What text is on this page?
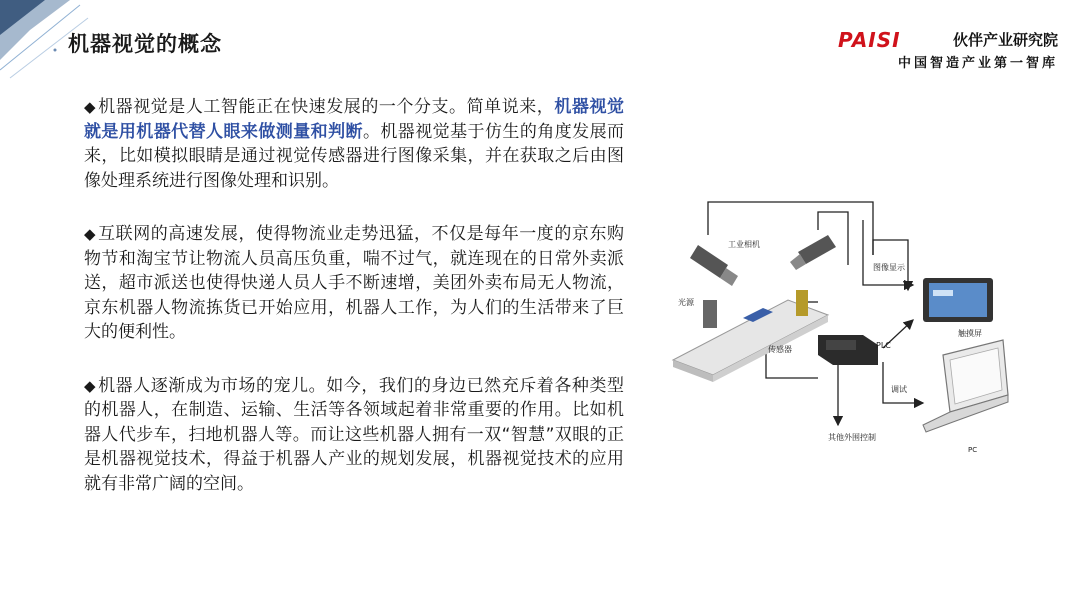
机器视觉的概念	PAISI	伙伴产业研究院
中国智造产业第一智库

◆ 机器视觉是人工智能正在快速发展的一个分支。简单说来，机器视觉就是用机器代替人眼来做测量和判断。机器视觉基于仿生的角度发展而来，比如模拟眼睛是通过视觉传感器进行图像采集，并在获取之后由图像处理系统进行图像处理和识别。

◆ 互联网的高速发展，使得物流业走势迅猛，不仅是每年一度的京东购物节和淘宝节让物流人员高压负重，喘不过气，就连现在的日常外卖派送，超市派送也使得快递人员人手不断速增，美团外卖布局无人物流，京东机器人物流拣货已开始应用，机器人工作，为人们的生活带来了巨大的便利性。

◆ 机器人逐渐成为市场的宠儿。如今，我们的身边已然充斥着各种类型的机器人，在制造、运输、生活等各领域起着非常重要的作用。比如机器人代步车，扫地机器人等。而让这些机器人拥有一双“智慧”双眼的正是机器视觉技术，得益于机器人产业的规划发展，机器视觉技术的应用就有非常广阔的空间。

工业相机
光源
传感器	PLC
图像显示
触摸屏
调试
其他外围控制
PC
